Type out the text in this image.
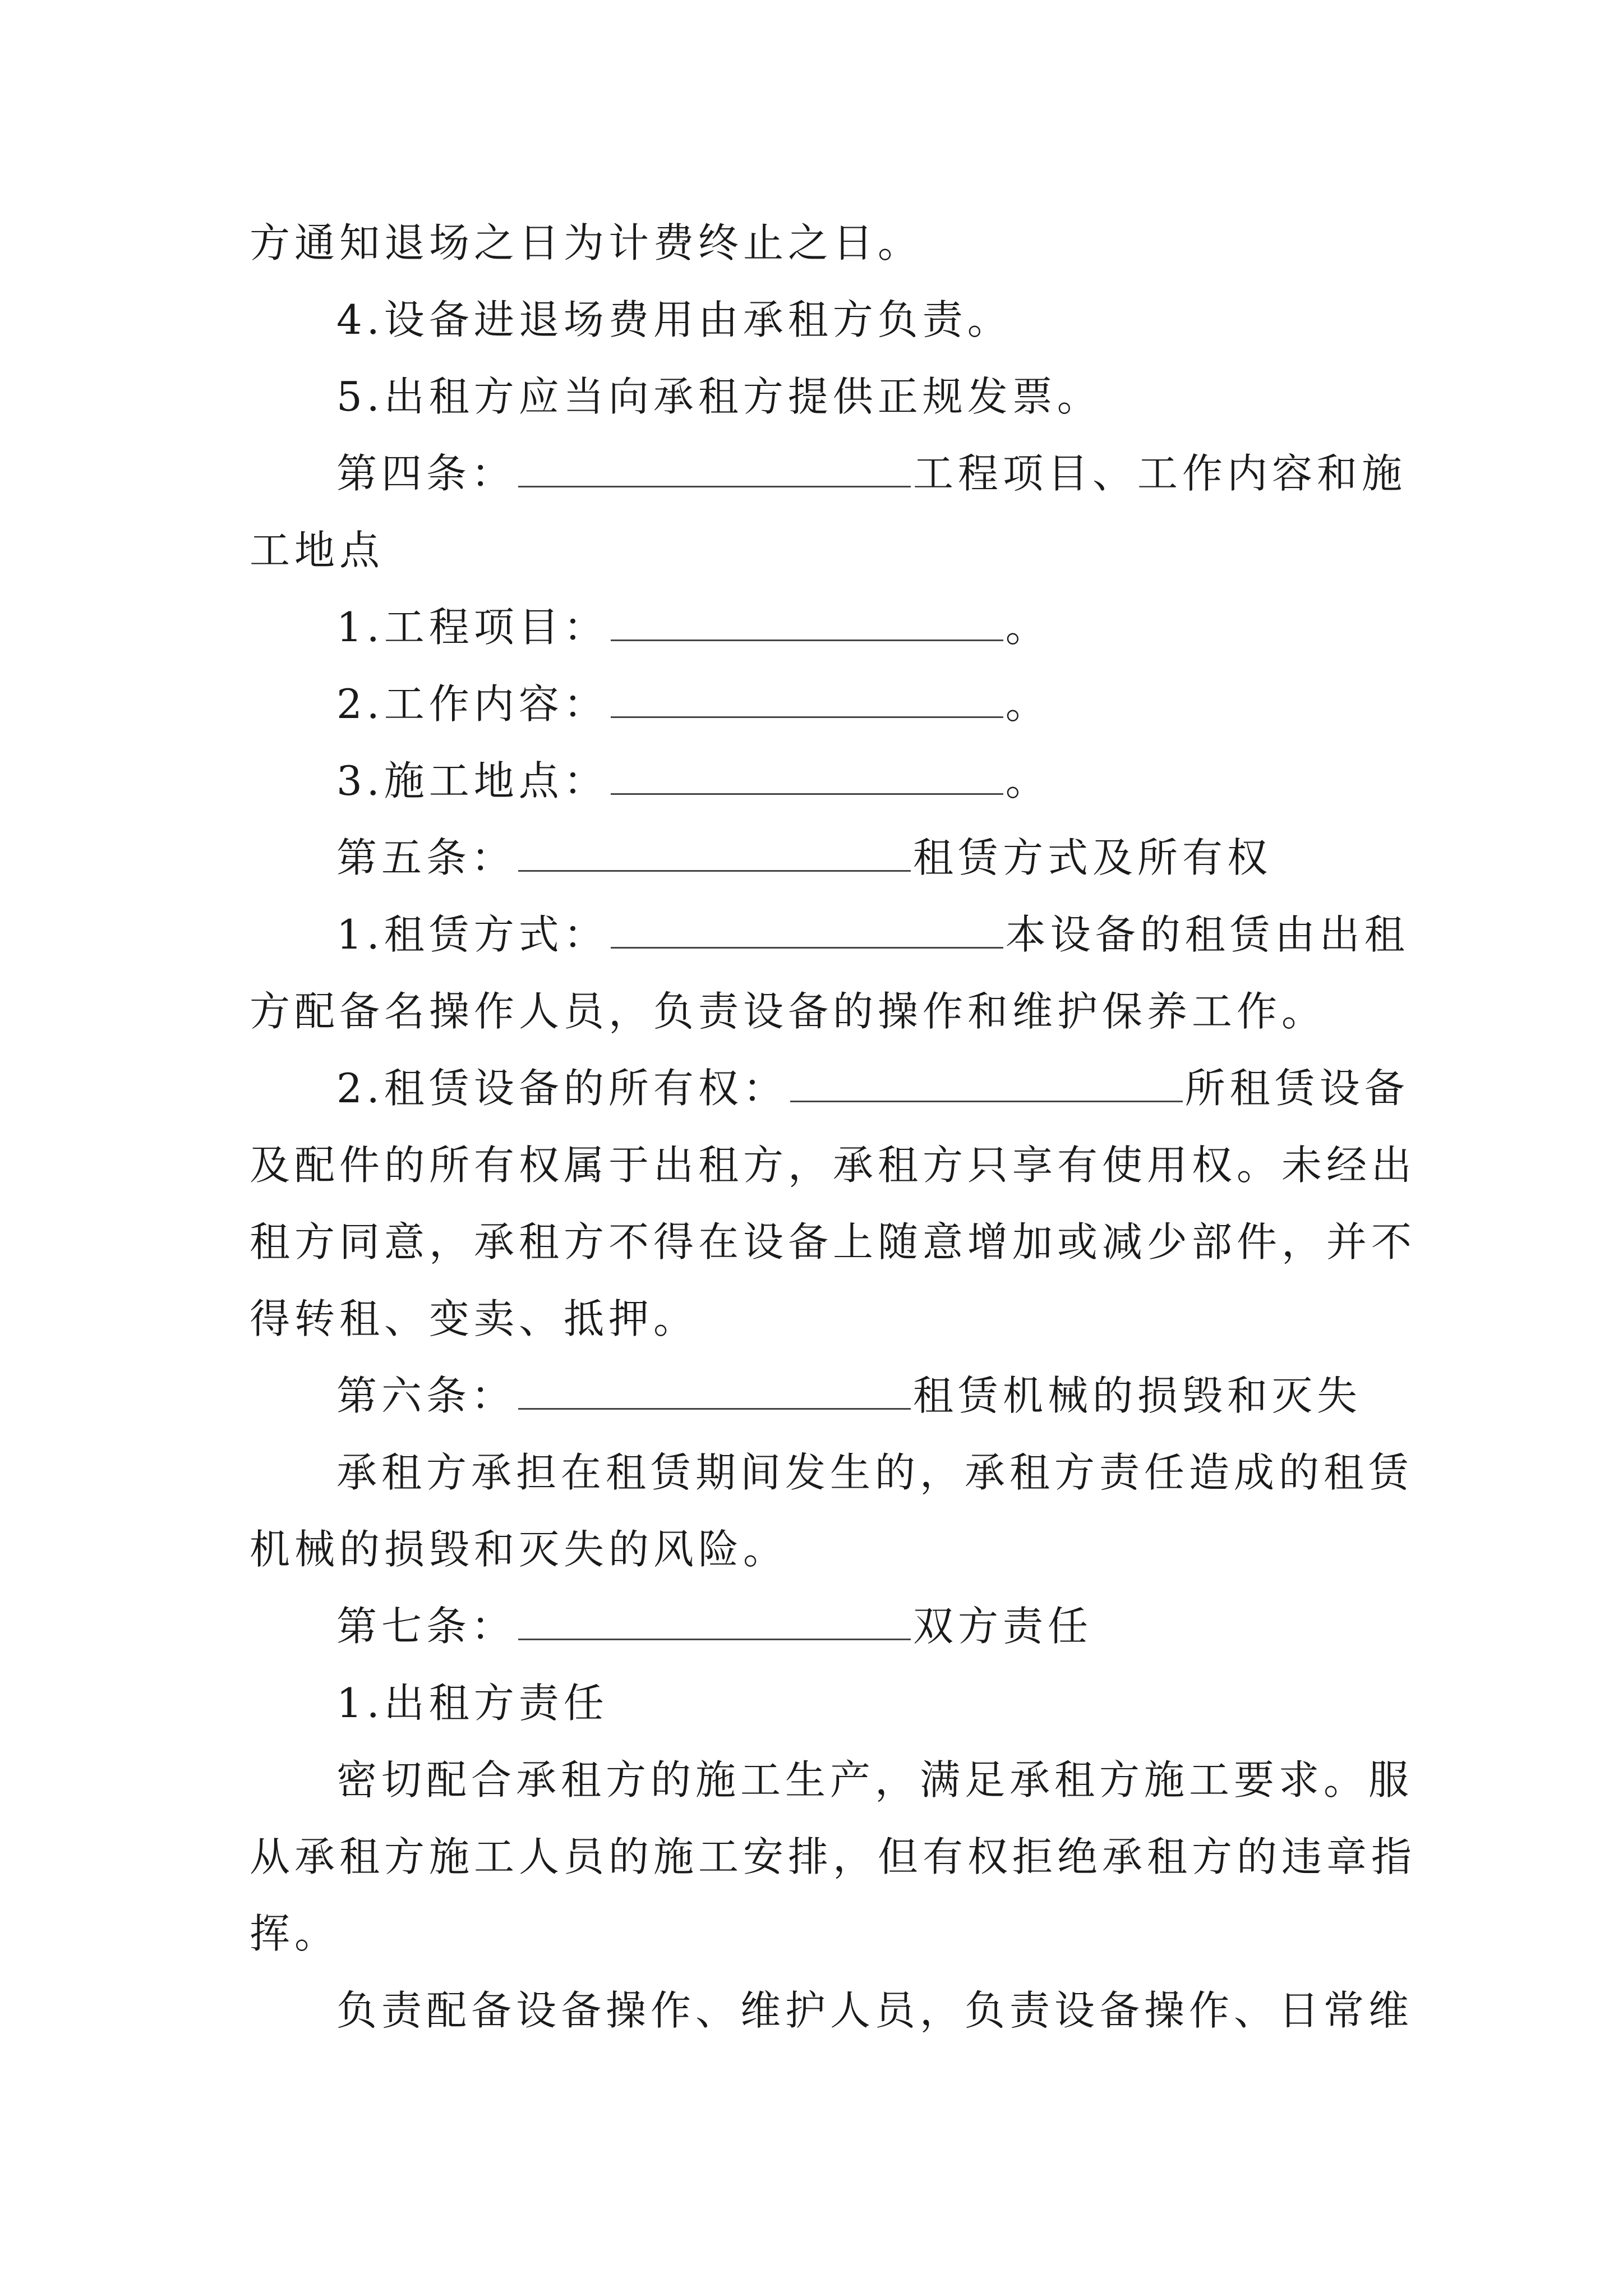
方通知退场之日为计费终止之日。
4.设备进退场费用由承租方负责。
5.出租方应当向承租方提供正规发票。
第四条：	工程项目、工作内容和施
工地点
1.工程项目：	。
2.工作内容：	。
3.施工地点：	。
第五条：	租赁方式及所有权
1.租赁方式：	本设备的租赁由出租
方配备名操作人员，负责设备的操作和维护保养工作。
2.租赁设备的所有权：	所租赁设备
及配件的所有权属于出租方，承租方只享有使用权。未经出
租方同意，承租方不得在设备上随意增加或减少部件，并不
得转租、变卖、抵押。
第六条：	租赁机械的损毁和灭失
承租方承担在租赁期间发生的，承租方责任造成的租赁
机械的损毁和灭失的风险。
第七条：	双方责任
1.出租方责任
密切配合承租方的施工生产，满足承租方施工要求。服
从承租方施工人员的施工安排，但有权拒绝承租方的违章指
挥。
负责配备设备操作、维护人员，负责设备操作、日常维
